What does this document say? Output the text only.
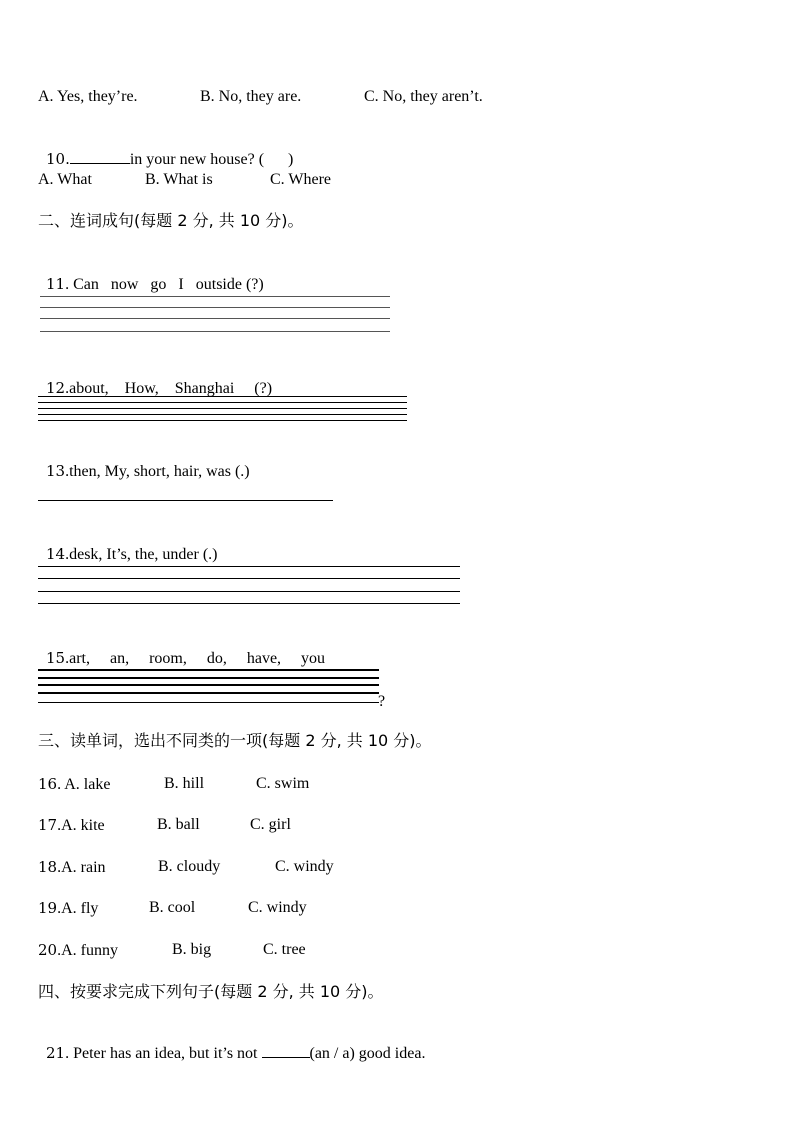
A. Yes, they’re.

	B. No, they are.

	C. No, they aren’t.

10.	in your new house? (      )

A. What

	B. What is

	C. Where

二、连词成句(每题 2 分, 共 10 分)。

11. Can   now   go   I   outside (?)

12.about,    How,    Shanghai     (?)

13.then, My, short, hair, was (.)

14.desk, It’s, the, under (.)

15.art,     an,     room,     do,     have,     you

?
三、读单词，选出不同类的一项(每题 2 分, 共 10 分)。

16. A. lake

	B. hill

	C. swim

17.A. kite

	B. ball

	C. girl

18.A. rain

	B. cloudy

	C. windy

19.A. fly

	B. cool

	C. windy

20.A. funny

	B. big

	C. tree

四、按要求完成下列句子(每题 2 分, 共 10 分)。

21. Peter has an idea, but it’s not	(an / a) good idea.
